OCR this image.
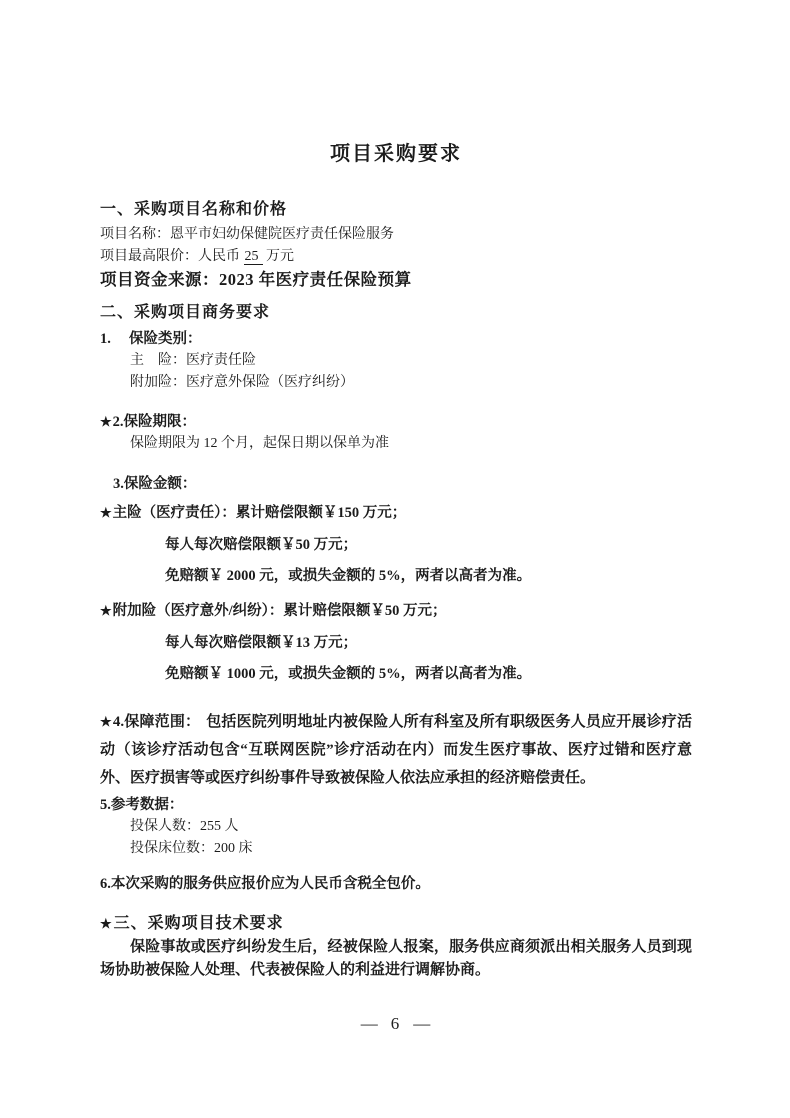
项目采购要求
一、采购项目名称和价格

项目名称：恩平市妇幼保健院医疗责任保险服务

项目最高限价：人民币 25 万元

项目资金来源：2023 年医疗责任保险预算

二、采购项目商务要求

1. 保险类别：

主　险：医疗责任险

附加险：医疗意外保险（医疗纠纷）

★2.保险期限：

保险期限为 12 个月，起保日期以保单为准

3.保险金额：

★主险（医疗责任）：累计赔偿限额￥150 万元；

每人每次赔偿限额￥50 万元；

免赔额￥ 2000 元，或损失金额的 5%，两者以高者为准。

★附加险（医疗意外/纠纷）：累计赔偿限额￥50 万元；

每人每次赔偿限额￥13 万元；

免赔额￥ 1000 元，或损失金额的 5%，两者以高者为准。

★4.保障范围： 包括医院列明地址内被保险人所有科室及所有职级医务人员应开展诊疗活动（该诊疗活动包含“互联网医院”诊疗活动在内）而发生医疗事故、医疗过错和医疗意外、医疗损害等或医疗纠纷事件导致被保险人依法应承担的经济赔偿责任。

5.参考数据：

投保人数：255 人

投保床位数：200 床

6.本次采购的服务供应报价应为人民币含税全包价。

★三、采购项目技术要求

保险事故或医疗纠纷发生后，经被保险人报案，服务供应商须派出相关服务人员到现场协助被保险人处理、代表被保险人的利益进行调解协商。

— 6 —
